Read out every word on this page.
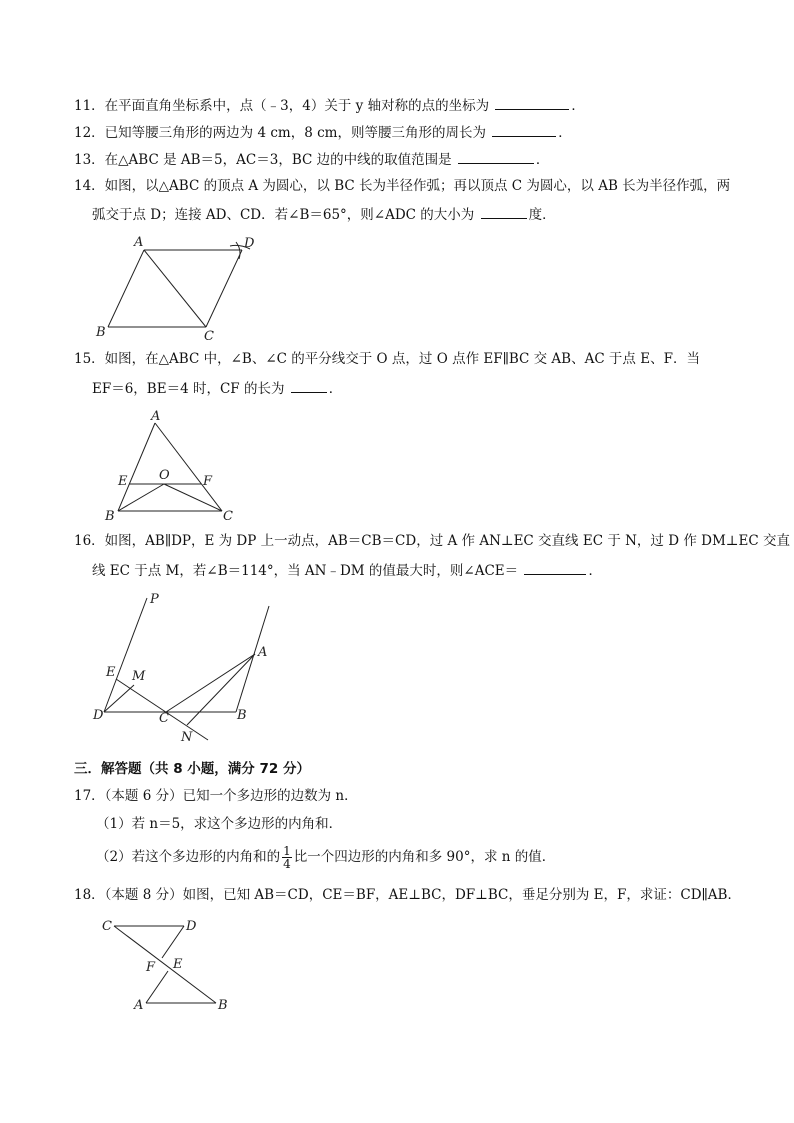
11．在平面直角坐标系中，点（﹣3，4）关于 y 轴对称的点的坐标为	．
12．已知等腰三角形的两边为 4 cm，8 cm，则等腰三角形的周长为	．
13．在△ABC 是 AB＝5，AC＝3，BC 边的中线的取值范围是	．
14．如图，以△ABC 的顶点 A 为圆心，以 BC 长为半径作弧；再以顶点 C 为圆心，以 AB 长为半径作弧，两
弧交于点 D；连接 AD、CD．若∠B＝65°，则∠ADC 的大小为	度．
A
B	C
D
15．如图，在△ABC 中，∠B、∠C 的平分线交于 O 点，过 O 点作 EF∥BC 交 AB、AC 于点 E、F．当
EF＝6，BE＝4 时，CF 的长为	．
A
E O	F
B	C
16．如图，AB∥DP，E 为 DP 上一动点，AB＝CB＝CD，过 A 作 AN⊥EC 交直线 EC 于 N，过 D 作 DM⊥EC 交直
线 EC 于点 M，若∠B＝114°，当 AN﹣DM 的值最大时，则∠ACE＝	．
P
E M
D	C
N
B
A
三．解答题（共 8 小题，满分 72 分）
17．（本题 6 分）已知一个多边形的边数为 n．
（1）若 n＝5，求这个多边形的内角和．
（2）若这个多边形的内角和的 $\frac{1}{4}$ 比一个四边形的内角和多 90°，求 n 的值．
18．（本题 8 分）如图，已知 AB＝CD，CE＝BF，AE⊥BC，DF⊥BC，垂足分别为 E，F，求证：CD∥AB．
C	D
F E
A	B
